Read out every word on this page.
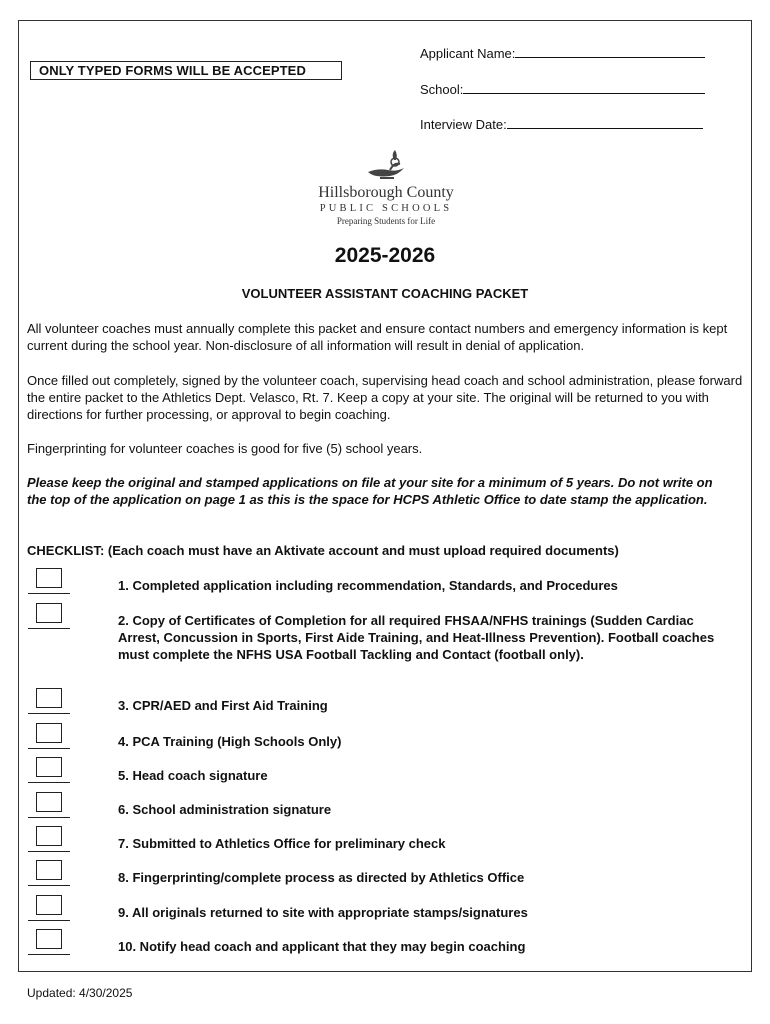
ONLY TYPED FORMS WILL BE ACCEPTED
Applicant Name:
School:
Interview Date:
Hillsborough County
PUBLIC SCHOOLS
Preparing Students for Life
2025-2026
VOLUNTEER ASSISTANT COACHING PACKET
All volunteer coaches must annually complete this packet and ensure contact numbers and emergency information is kept current during the school year. Non-disclosure of all information will result in denial of application.
Once filled out completely, signed by the volunteer coach, supervising head coach and school administration, please forward the entire packet to the Athletics Dept. Velasco, Rt. 7. Keep a copy at your site. The original will be returned to you with directions for further processing, or approval to begin coaching.
Fingerprinting for volunteer coaches is good for five (5) school years.
Please keep the original and stamped applications on file at your site for a minimum of 5 years. Do not write on the top of the application on page 1 as this is the space for HCPS Athletic Office to date stamp the application.
CHECKLIST: (Each coach must have an Aktivate account and must upload required documents)
1. Completed application including recommendation, Standards, and Procedures
2. Copy of Certificates of Completion for all required FHSAA/NFHS trainings (Sudden Cardiac Arrest, Concussion in Sports, First Aide Training, and Heat-Illness Prevention). Football coaches must complete the NFHS USA Football Tackling and Contact (football only).
3. CPR/AED and First Aid Training
4. PCA Training (High Schools Only)
5. Head coach signature
6. School administration signature
7. Submitted to Athletics Office for preliminary check
8. Fingerprinting/complete process as directed by Athletics Office
9. All originals returned to site with appropriate stamps/signatures
10. Notify head coach and applicant that they may begin coaching
Updated: 4/30/2025
